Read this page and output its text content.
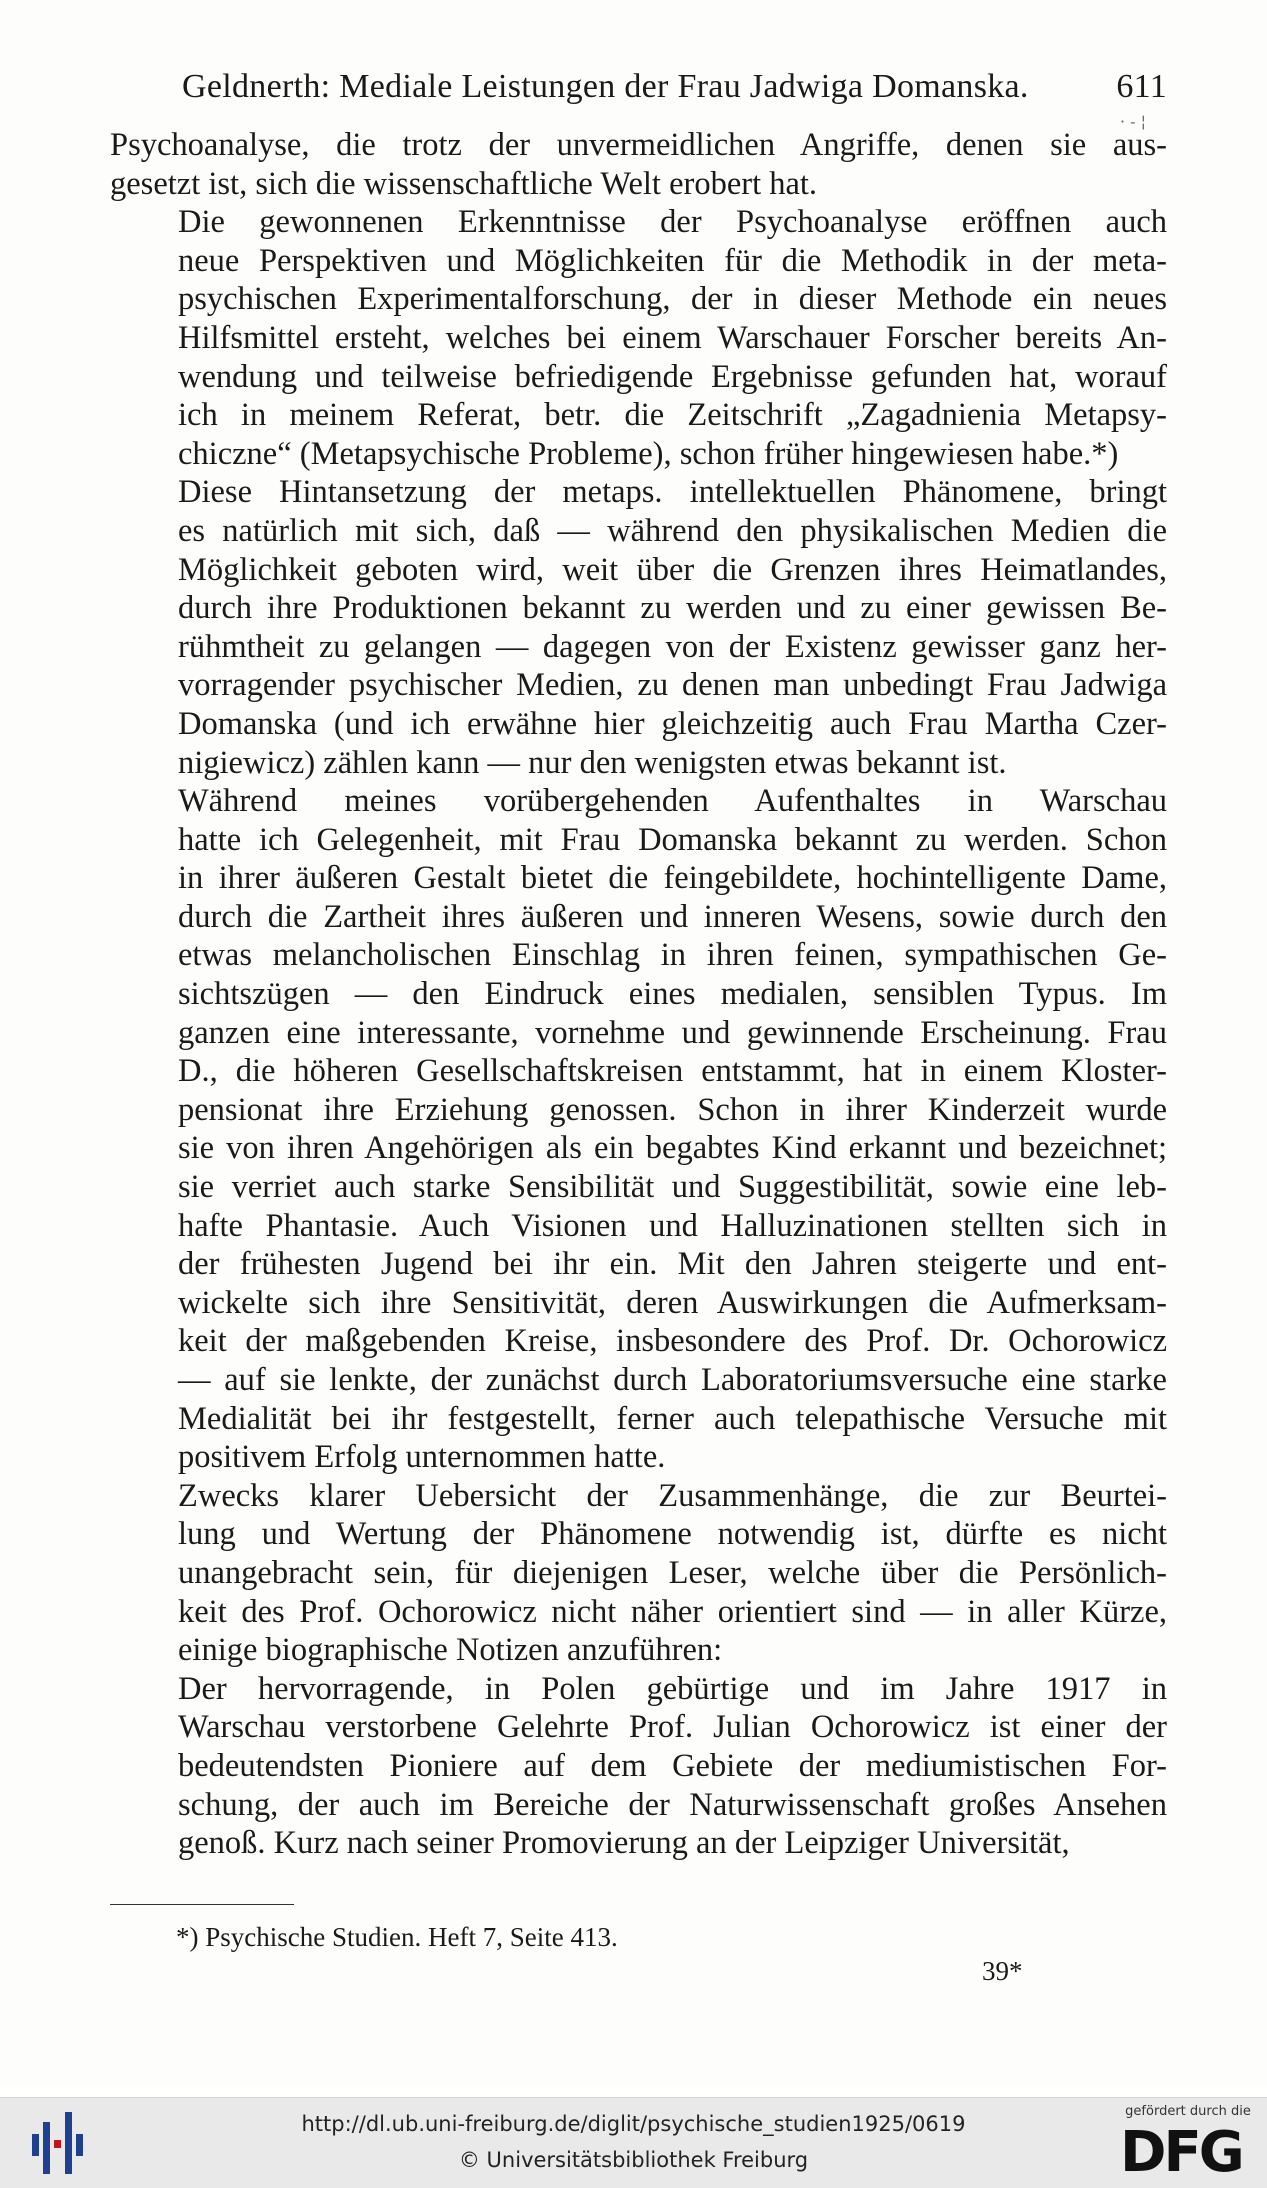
Geldnerth: Mediale Leistungen der Frau Jadwiga Domanska.	611
· ‐ ¦

Psychoanalyse, die trotz der unvermeidlichen Angriffe, denen sie aus-
gesetzt ist, sich die wissenschaftliche Welt erobert hat.

Die gewonnenen Erkenntnisse der Psychoanalyse eröffnen auch
neue Perspektiven und Möglichkeiten für die Methodik in der meta-
psychischen Experimentalforschung, der in dieser Methode ein neues
Hilfsmittel ersteht, welches bei einem Warschauer Forscher bereits An-
wendung und teilweise befriedigende Ergebnisse gefunden hat, worauf
ich in meinem Referat, betr. die Zeitschrift „Zagadnienia Metapsy-
chiczne“ (Metapsychische Probleme), schon früher hingewiesen habe.*)

Diese Hintansetzung der metaps. intellektuellen Phänomene, bringt
es natürlich mit sich, daß — während den physikalischen Medien die
Möglichkeit geboten wird, weit über die Grenzen ihres Heimatlandes,
durch ihre Produktionen bekannt zu werden und zu einer gewissen Be-
rühmtheit zu gelangen — dagegen von der Existenz gewisser ganz her-
vorragender psychischer Medien, zu denen man unbedingt Frau Jadwiga
Domanska (und ich erwähne hier gleichzeitig auch Frau Martha Czer-
nigiewicz) zählen kann — nur den wenigsten etwas bekannt ist.

Während meines vorübergehenden Aufenthaltes in Warschau
hatte ich Gelegenheit, mit Frau Domanska bekannt zu werden. Schon
in ihrer äußeren Gestalt bietet die feingebildete, hochintelligente Dame,
durch die Zartheit ihres äußeren und inneren Wesens, sowie durch den
etwas melancholischen Einschlag in ihren feinen, sympathischen Ge-
sichtszügen — den Eindruck eines medialen, sensiblen Typus. Im
ganzen eine interessante, vornehme und gewinnende Erscheinung. Frau
D., die höheren Gesellschaftskreisen entstammt, hat in einem Kloster-
pensionat ihre Erziehung genossen. Schon in ihrer Kinderzeit wurde
sie von ihren Angehörigen als ein begabtes Kind erkannt und bezeichnet;
sie verriet auch starke Sensibilität und Suggestibilität, sowie eine leb-
hafte Phantasie. Auch Visionen und Halluzinationen stellten sich in
der frühesten Jugend bei ihr ein. Mit den Jahren steigerte und ent-
wickelte sich ihre Sensitivität, deren Auswirkungen die Aufmerksam-
keit der maßgebenden Kreise, insbesondere des Prof. Dr. Ochorowicz
— auf sie lenkte, der zunächst durch Laboratoriumsversuche eine starke
Medialität bei ihr festgestellt, ferner auch telepathische Versuche mit
positivem Erfolg unternommen hatte.

Zwecks klarer Uebersicht der Zusammenhänge, die zur Beurtei-
lung und Wertung der Phänomene notwendig ist, dürfte es nicht
unangebracht sein, für diejenigen Leser, welche über die Persönlich-
keit des Prof. Ochorowicz nicht näher orientiert sind — in aller Kürze,
einige biographische Notizen anzuführen:

Der hervorragende, in Polen gebürtige und im Jahre 1917 in
Warschau verstorbene Gelehrte Prof. Julian Ochorowicz ist einer der
bedeutendsten Pioniere auf dem Gebiete der mediumistischen For-
schung, der auch im Bereiche der Naturwissenschaft großes Ansehen
genoß. Kurz nach seiner Promovierung an der Leipziger Universität,

*) Psychische Studien. Heft 7, Seite 413.
39*
http://dl.ub.uni-freiburg.de/diglit/psychische_studien1925/0619
© Universitätsbibliothek Freiburg
gefördert durch die
DFG
